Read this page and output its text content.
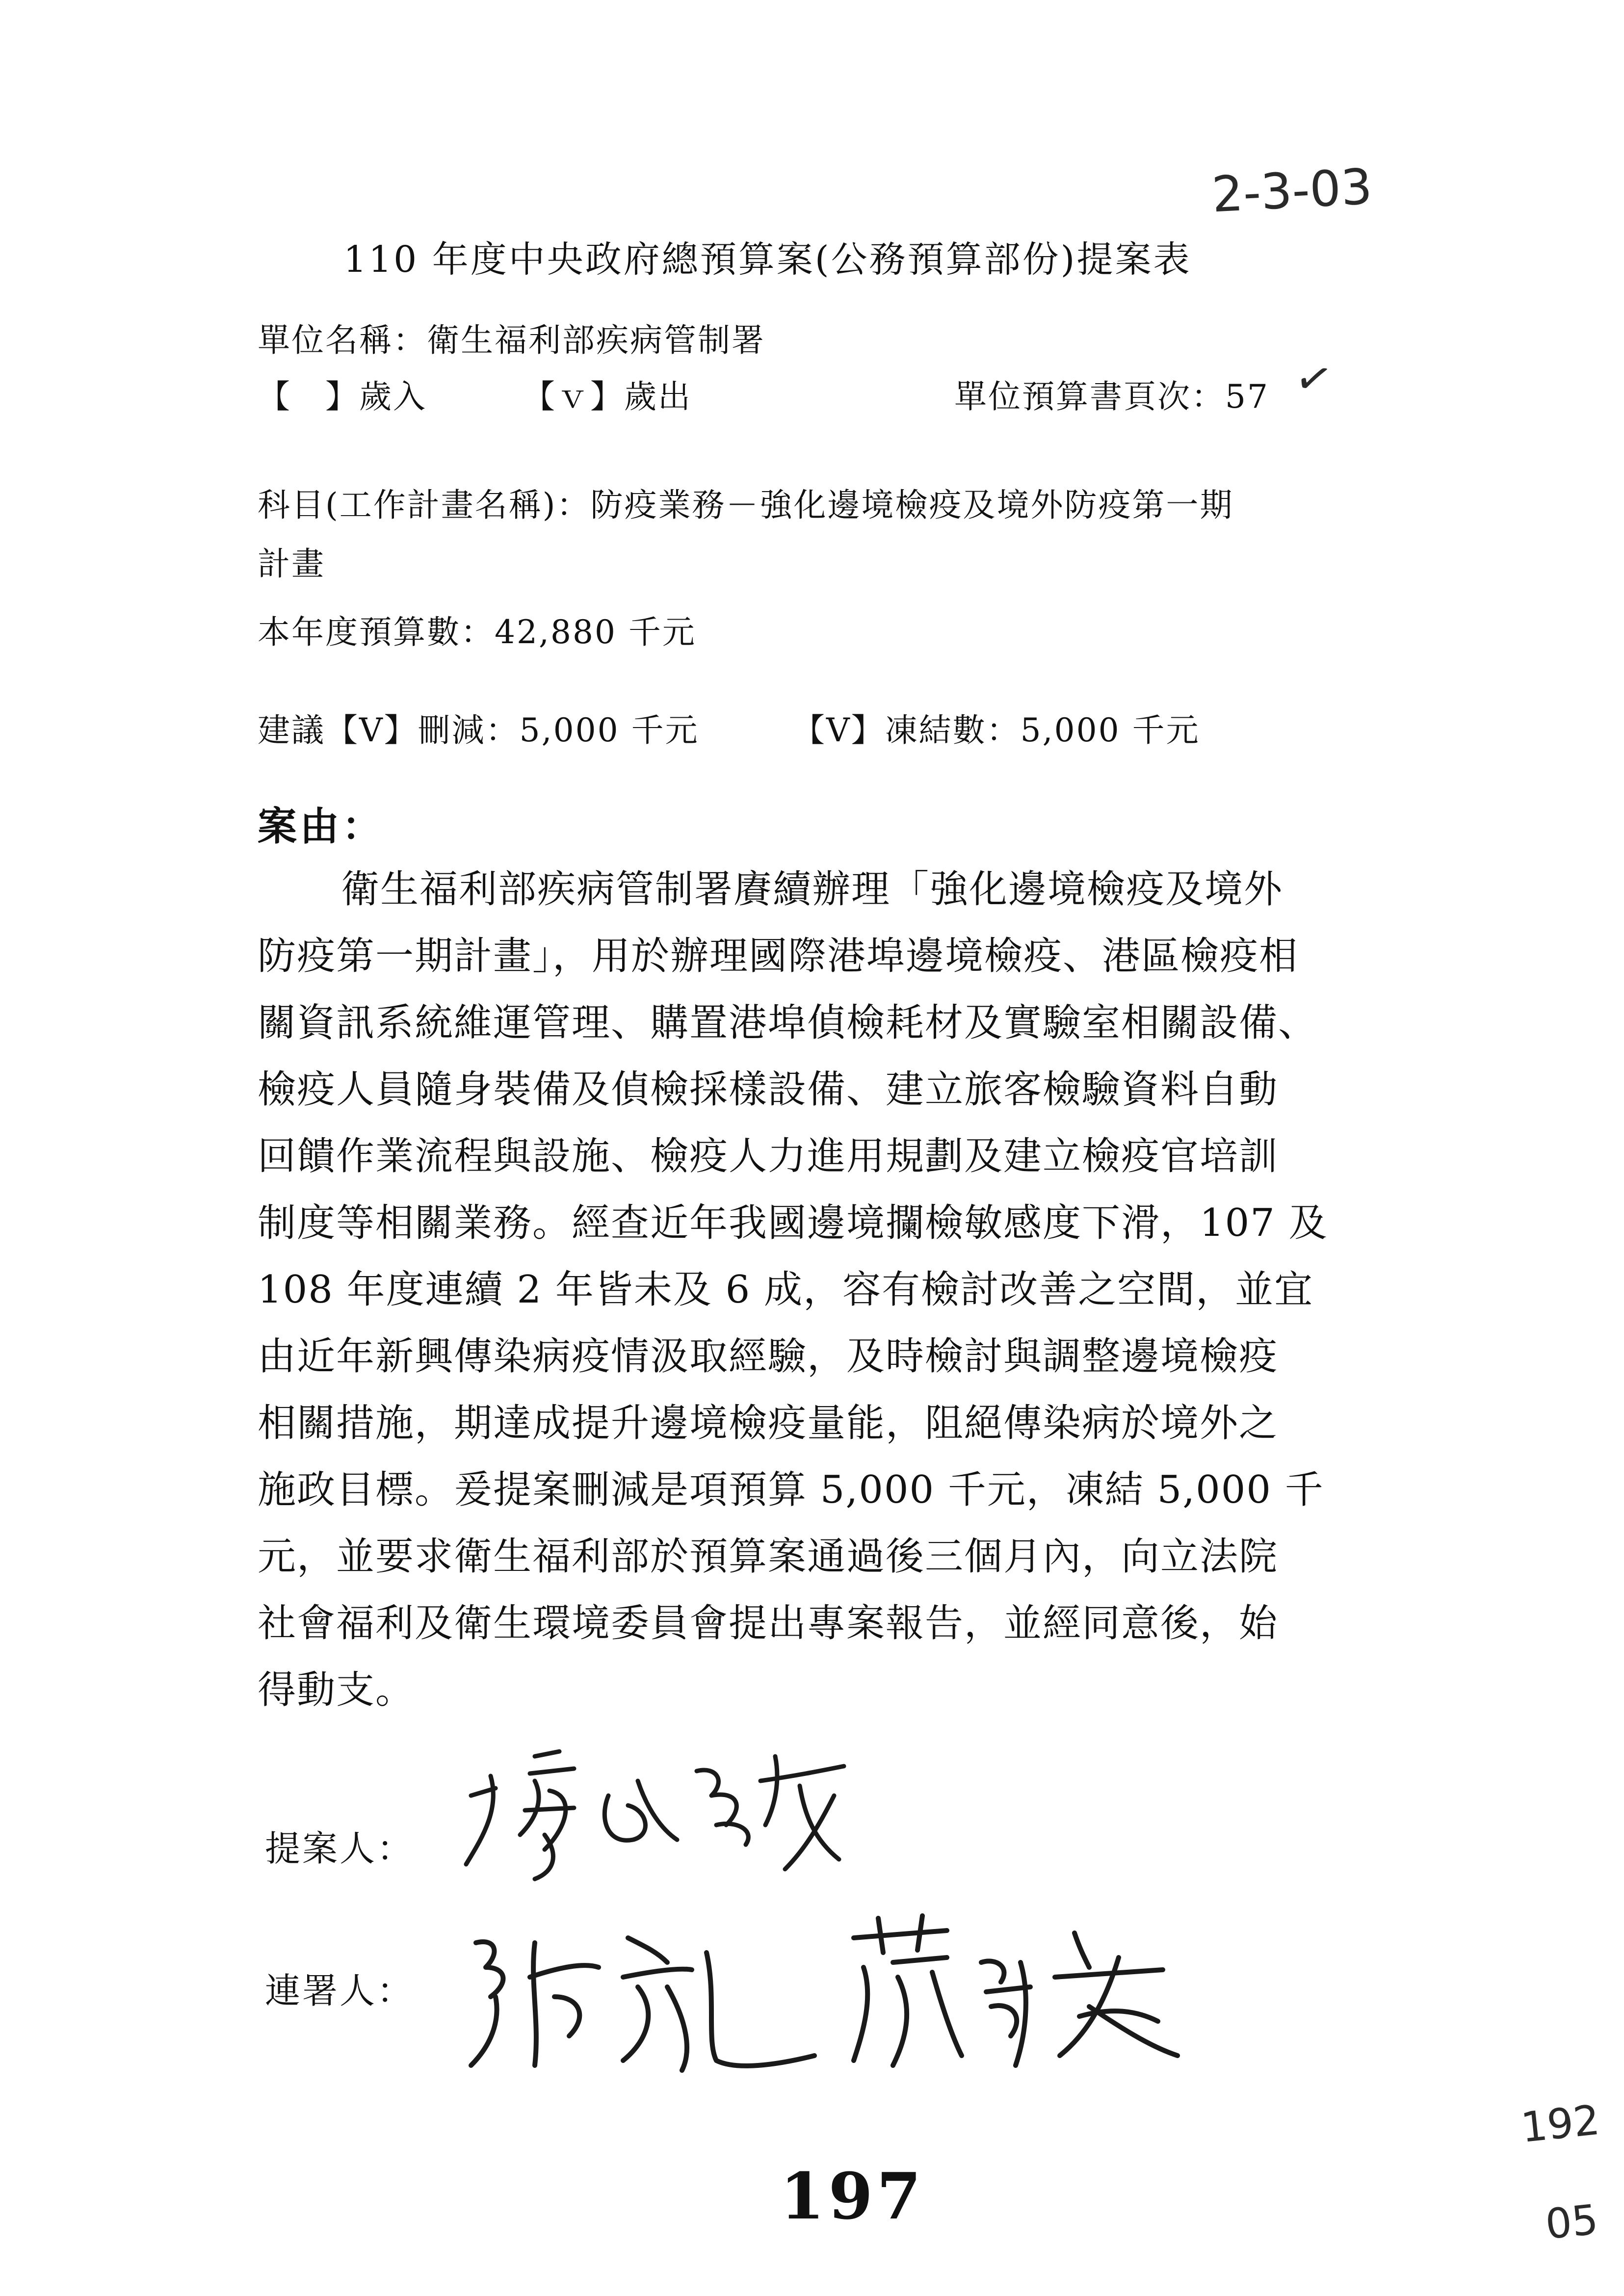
2-3-03
110 年度中央政府總預算案(公務預算部份)提案表
單位名稱：衛生福利部疾病管制署
【　】歲入	【ｖ】歲出	單位預算書頁次：57 ✓
科目(工作計畫名稱)：防疫業務－強化邊境檢疫及境外防疫第一期
計畫
本年度預算數：42,880 千元
建議【V】刪減：5,000 千元	【V】凍結數：5,000 千元
案由：
衛生福利部疾病管制署賡續辦理「強化邊境檢疫及境外
防疫第一期計畫」，用於辦理國際港埠邊境檢疫、港區檢疫相
關資訊系統維運管理、購置港埠偵檢耗材及實驗室相關設備、
檢疫人員隨身裝備及偵檢採樣設備、建立旅客檢驗資料自動
回饋作業流程與設施、檢疫人力進用規劃及建立檢疫官培訓
制度等相關業務。經查近年我國邊境攔檢敏感度下滑，107 及
108 年度連續 2 年皆未及 6 成，容有檢討改善之空間，並宜
由近年新興傳染病疫情汲取經驗，及時檢討與調整邊境檢疫
相關措施，期達成提升邊境檢疫量能，阻絕傳染病於境外之
施政目標。爰提案刪減是項預算 5,000 千元，凍結 5,000 千
元，並要求衛生福利部於預算案通過後三個月內，向立法院
社會福利及衛生環境委員會提出專案報告，並經同意後，始
得動支。
提案人：
連署人：
197
192
05
